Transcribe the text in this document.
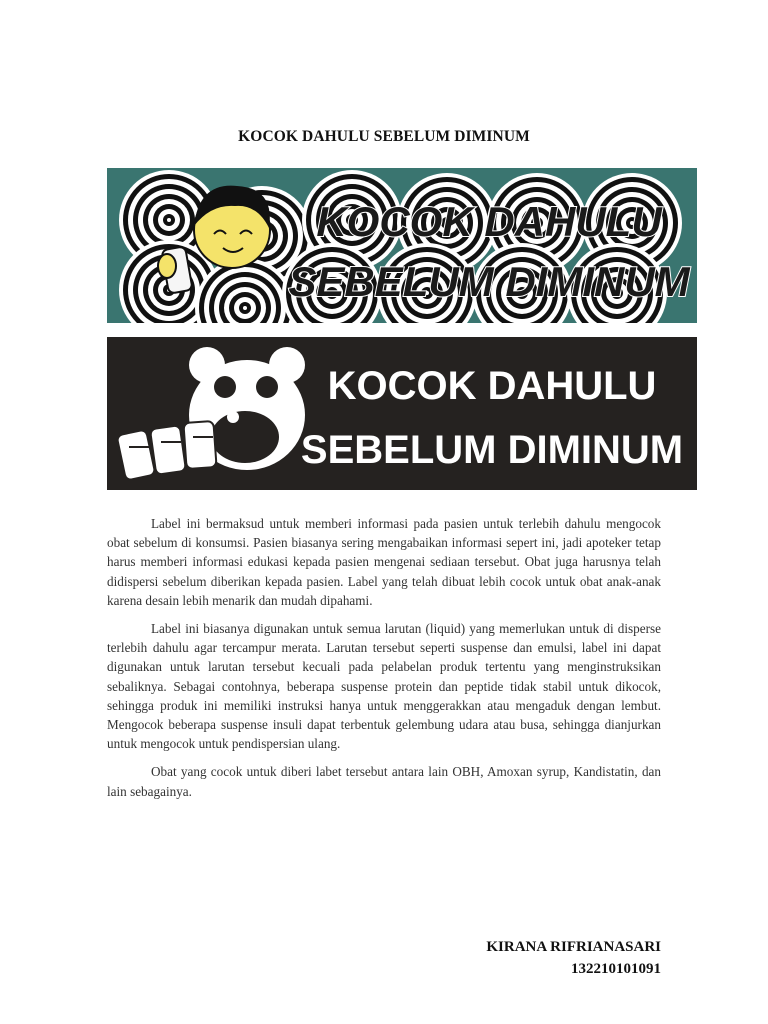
KOCOK DAHULU SEBELUM DIMINUM
KOCOK DAHULU
SEBELUM DIMINUM
KOCOK DAHULU
SEBELUM DIMINUM

Label ini bermaksud untuk memberi informasi pada pasien untuk terlebih dahulu mengocok obat sebelum di konsumsi. Pasien biasanya sering mengabaikan informasi sepert ini, jadi apoteker tetap harus memberi informasi edukasi kepada pasien mengenai sediaan tersebut. Obat juga harusnya telah didispersi sebelum diberikan kepada pasien. Label yang telah dibuat lebih cocok untuk obat anak-anak karena desain lebih menarik dan mudah dipahami.

Label ini biasanya digunakan untuk semua larutan (liquid) yang memerlukan untuk di disperse terlebih dahulu agar tercampur merata. Larutan tersebut seperti suspense dan emulsi, label ini dapat digunakan untuk larutan tersebut kecuali pada pelabelan produk tertentu yang menginstruksikan sebaliknya. Sebagai contohnya, beberapa suspense protein dan peptide tidak stabil untuk dikocok, sehingga produk ini memiliki instruksi hanya untuk menggerakkan atau mengaduk dengan lembut. Mengocok beberapa suspense insuli dapat terbentuk gelembung udara atau busa, sehingga dianjurkan untuk mengocok untuk pendispersian ulang.

Obat yang cocok untuk diberi labet tersebut antara lain OBH, Amoxan syrup, Kandistatin, dan lain sebagainya.

KIRANA RIFRIANASARI
132210101091
